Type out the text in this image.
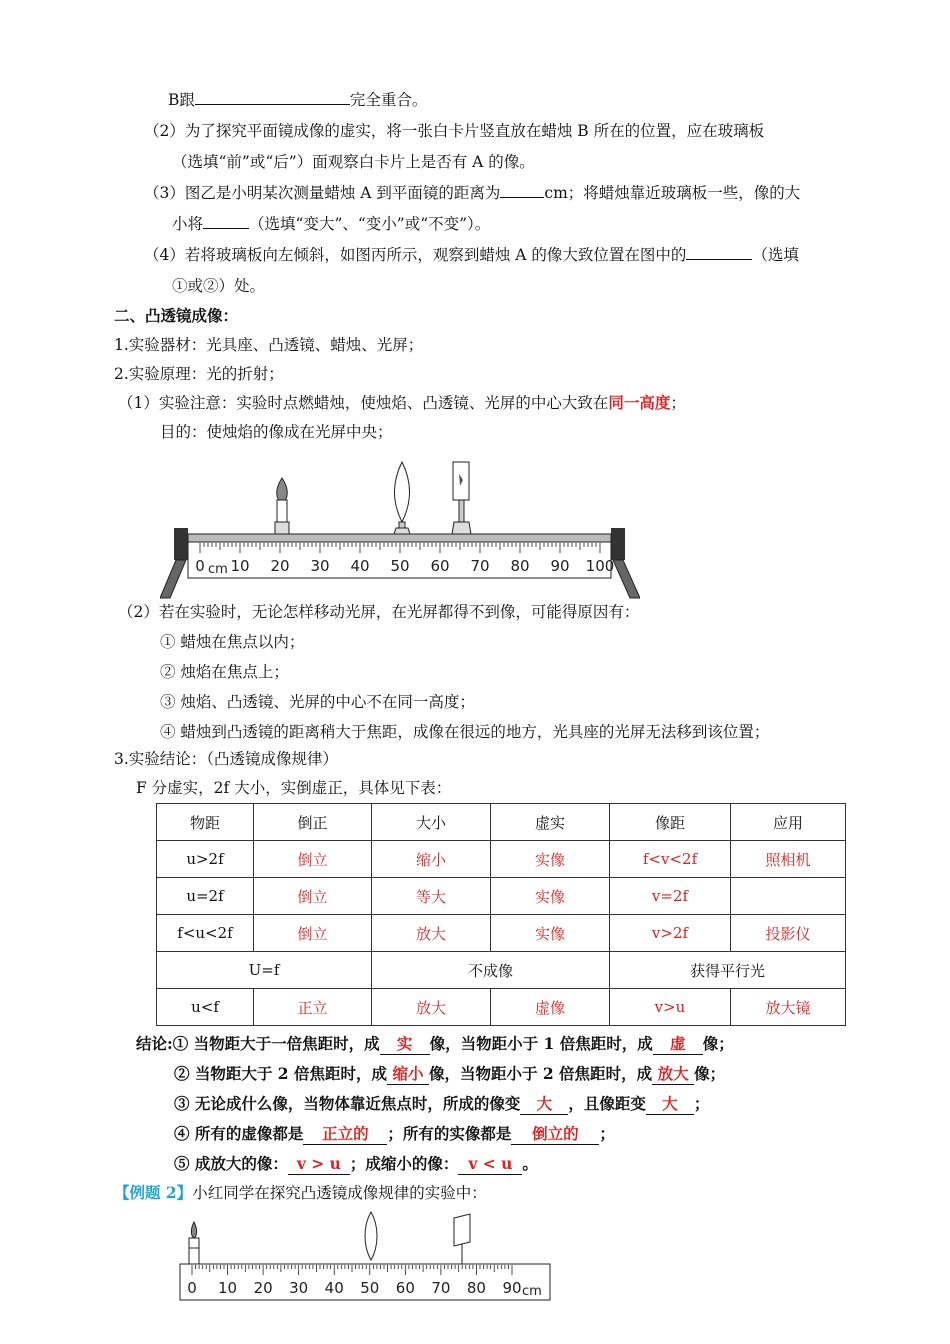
B跟	完全重合。
（2）为了探究平面镜成像的虚实，将一张白卡片竖直放在蜡烛 B 所在的位置，应在玻璃板
（选填“前”或“后”）面观察白卡片上是否有 A 的像。
（3）图乙是小明某次测量蜡烛 A 到平面镜的距离为	cm；将蜡烛靠近玻璃板一些，像的大
小将	（选填“变大”、“变小”或“不变”）。
（4）若将玻璃板向左倾斜，如图丙所示，观察到蜡烛 A 的像大致位置在图中的	（选填
①或②）处。
二、凸透镜成像：
1.实验器材：光具座、凸透镜、蜡烛、光屏；
2.实验原理：光的折射；
（1）实验注意：实验时点燃蜡烛，使烛焰、凸透镜、光屏的中心大致在同一高度；
目的：使烛焰的像成在光屏中央；
0 10 20 30 40 50 60 70 80 90 100
cm
（2）若在实验时，无论怎样移动光屏，在光屏都得不到像，可能得原因有：
① 蜡烛在焦点以内；
② 烛焰在焦点上；
③ 烛焰、凸透镜、光屏的中心不在同一高度；
④ 蜡烛到凸透镜的距离稍大于焦距，成像在很远的地方，光具座的光屏无法移到该位置；
3.实验结论：（凸透镜成像规律）
F 分虚实，2f 大小，实倒虚正，具体见下表：
物距	倒正	大小	虚实	像距	应用
u>2f	倒立	缩小	实像	f<v<2f	照相机
u=2f	倒立	等大	实像	v=2f	
f<u<2f	倒立	放大	实像	v>2f	投影仪
U=f		不成像		获得平行光	
u<f	正立	放大	虚像	v>u	放大镜
结论:① 当物距大于一倍焦距时，成 实 像，当物距小于 1 倍焦距时，成 虚 像；
② 当物距大于 2 倍焦距时，成 缩小 像，当物距小于 2 倍焦距时，成 放大 像；
③ 无论成什么像，当物体靠近焦点时，所成的像变 大 ，且像距变 大 ；
④ 所有的虚像都是 正立的 ；所有的实像都是 倒立的 ；
⑤ 成放大的像： v > u ；成缩小的像： v < u 。
【例题 2】小红同学在探究凸透镜成像规律的实验中：
0 10 20 30 40 50 60 70 80 90 cm
